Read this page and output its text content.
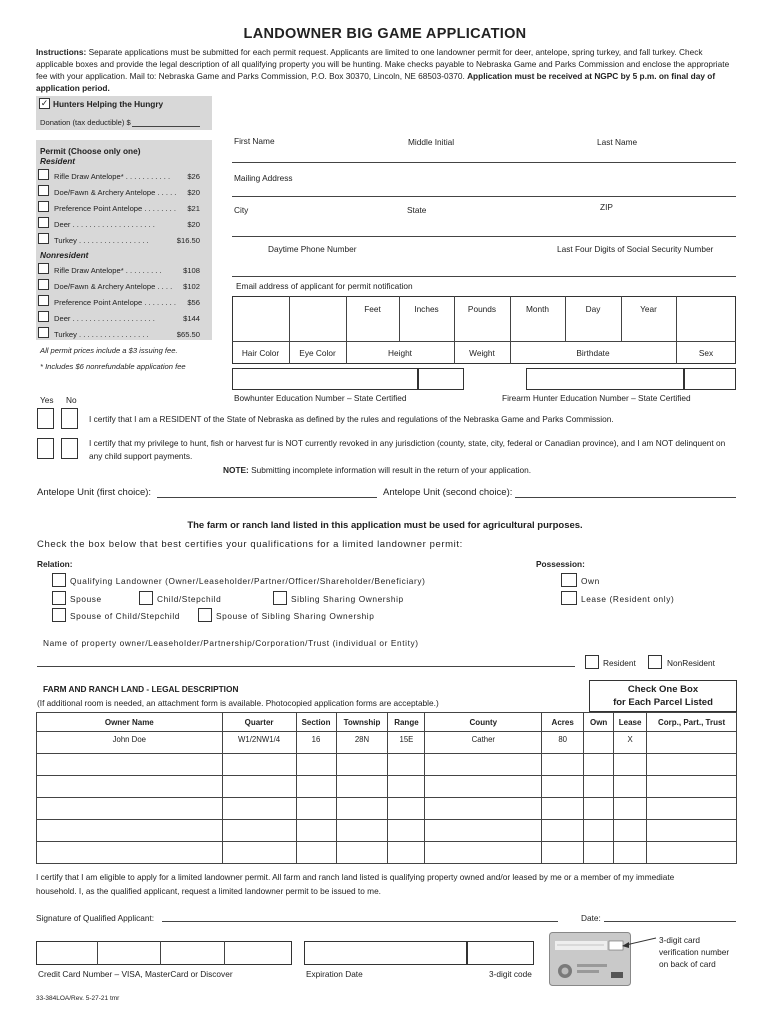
LANDOWNER BIG GAME APPLICATION
Instructions: Separate applications must be submitted for each permit request. Applicants are limited to one landowner permit for deer, antelope, spring turkey, and fall turkey. Check applicable boxes and provide the legal description of all qualifying property you will be hunting. Make checks payable to Nebraska Game and Parks Commission and enclose the appropriate fee with your application. Mail to: Nebraska Game and Parks Commission, P.O. Box 30370, Lincoln, NE 68503-0370. Application must be received at NGPC by 5 p.m. on final day of application period.
✓ Hunters Helping the Hungry
Donation (tax deductible) $
Permit (Choose only one)
Resident
Rifle Draw Antelope* . . . . . . . . . . .	$26
Doe/Fawn & Archery Antelope . . . . .	$20
Preference Point Antelope . . . . . . . .	$21
Deer . . . . . . . . . . . . . . . . . . . .	$20
Turkey . . . . . . . . . . . . . . . . .	$16.50
Nonresident
Rifle Draw Antelope* . . . . . . . . .	$108
Doe/Fawn & Archery Antelope . . . .	$102
Preference Point Antelope . . . . . . . .	$56
Deer . . . . . . . . . . . . . . . . . . . .	$144
Turkey . . . . . . . . . . . . . . . . .	$65.50
All permit prices include a $3 issuing fee.
* Includes $6 nonrefundable application fee
First Name	Middle Initial	Last Name
Mailing Address
City	State	ZIP
Daytime Phone Number	Last Four Digits of Social Security Number
Email address of applicant for permit notification
Feet	Inches	Pounds	Month	Day	Year
Hair Color	Eye Color	Height	Weight	Birthdate	Sex
Bowhunter Education Number – State Certified	Firearm Hunter Education Number – State Certified
Yes No
I certify that I am a RESIDENT of the State of Nebraska as defined by the rules and regulations of the Nebraska Game and Parks Commission.
I certify that my privilege to hunt, fish or harvest fur is NOT currently revoked in any jurisdiction (county, state, city, federal or Canadian province), and I am NOT delinquent on
any child support payments.
NOTE: Submitting incomplete information will result in the return of your application.
Antelope Unit (first choice):	Antelope Unit (second choice):
The farm or ranch land listed in this application must be used for agricultural purposes.
Check the box below that best certifies your qualifications for a limited landowner permit:
Relation:
Qualifying Landowner (Owner/Leaseholder/Partner/Officer/Shareholder/Beneficiary)
Spouse	Child/Stepchild	Sibling Sharing Ownership
Spouse of Child/Stepchild	Spouse of Sibling Sharing Ownership
Possession:
Own
Lease (Resident only)
Name of property owner/Leaseholder/Partnership/Corporation/Trust (individual or Entity)
Resident	NonResident
FARM AND RANCH LAND - LEGAL DESCRIPTION
(If additional room is needed, an attachment form is available. Photocopied application forms are acceptable.)
Check One Box
for Each Parcel Listed
Owner Name	Quarter	Section	Township	Range	County	Acres	Own	Lease	Corp., Part., Trust
John Doe	W1/2NW1/4	16	28N	15E	Cather	80		X	

I certify that I am eligible to apply for a limited landowner permit. All farm and ranch land listed is qualifying property owned and/or leased by me or a member of my immediate
household. I, as the qualified applicant, request a limited landowner permit to be issued to me.
Signature of Qualified Applicant:	Date:
Credit Card Number – VISA, MasterCard or Discover	Expiration Date	3-digit code
3-digit card
verification number
on back of card
33-384LOA/Rev. 5-27-21 tmr
